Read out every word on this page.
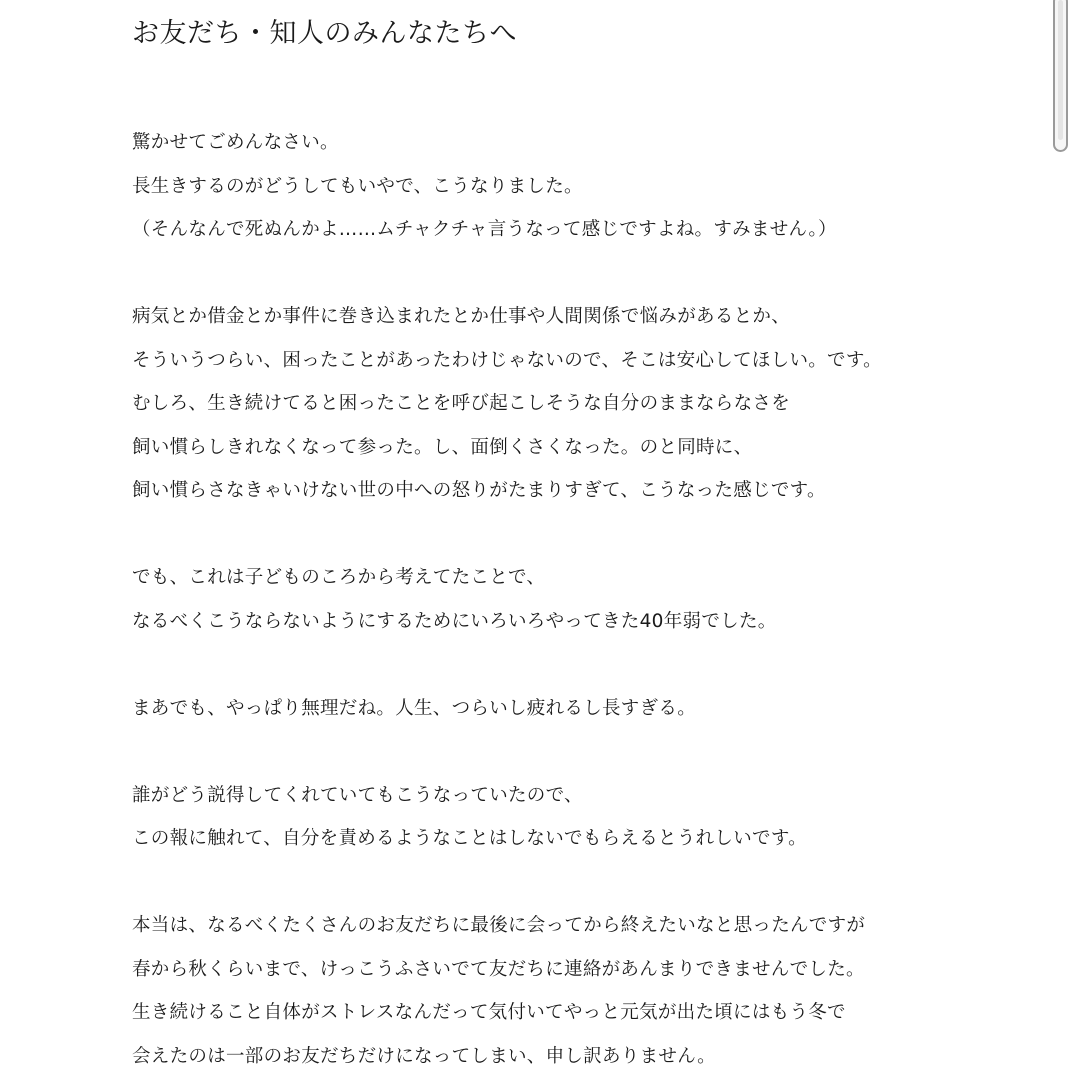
お友だち・知人のみんなたちへ
驚かせてごめんなさい。
長生きするのがどうしてもいやで、こうなりました。
（そんなんで死ぬんかよ……ムチャクチャ言うなって感じですよね。すみません。）
病気とか借金とか事件に巻き込まれたとか仕事や人間関係で悩みがあるとか、
そういうつらい、困ったことがあったわけじゃないので、そこは安心してほしい。です。
むしろ、生き続けてると困ったことを呼び起こしそうな自分のままならなさを
飼い慣らしきれなくなって参った。し、面倒くさくなった。のと同時に、
飼い慣らさなきゃいけない世の中への怒りがたまりすぎて、こうなった感じです。
でも、これは子どものころから考えてたことで、
なるべくこうならないようにするためにいろいろやってきた40年弱でした。
まあでも、やっぱり無理だね。人生、つらいし疲れるし長すぎる。
誰がどう説得してくれていてもこうなっていたので、
この報に触れて、自分を責めるようなことはしないでもらえるとうれしいです。
本当は、なるべくたくさんのお友だちに最後に会ってから終えたいなと思ったんですが
春から秋くらいまで、けっこうふさいでて友だちに連絡があんまりできませんでした。
生き続けること自体がストレスなんだって気付いてやっと元気が出た頃にはもう冬で
会えたのは一部のお友だちだけになってしまい、申し訳ありません。
